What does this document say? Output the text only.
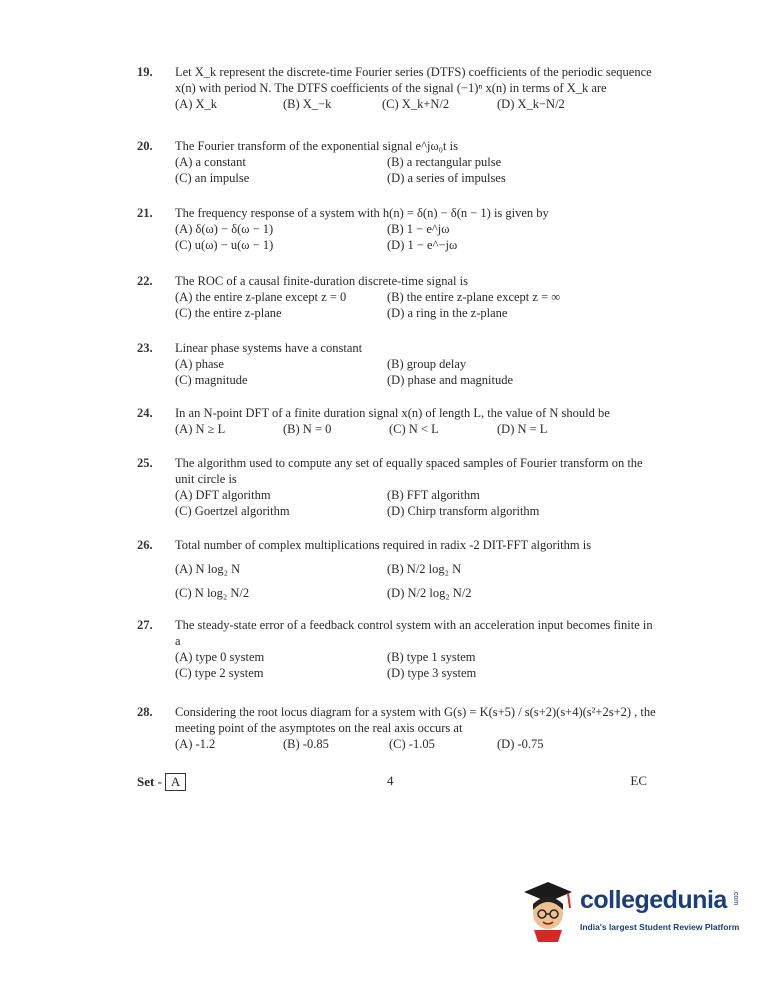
19.	Let X_k represent the discrete-time Fourier series (DTFS) coefficients of the periodic sequence x(n) with period N. The DTFS coefficients of the signal (−1)ⁿ x(n) in terms of X_k are
(A) X_k	(B) X_−k	(C) X_k+N/2	(D) X_k−N/2
20.	The Fourier transform of the exponential signal e^jω₀t is
(A) a constant	(B) a rectangular pulse
(C) an impulse	(D) a series of impulses
21.	The frequency response of a system with h(n) = δ(n) − δ(n − 1) is given by
(A) δ(ω) − δ(ω − 1)	(B) 1 − e^jω
(C) u(ω) − u(ω − 1)	(D) 1 − e^−jω
22.	The ROC of a causal finite-duration discrete-time signal is
(A) the entire z-plane except z = 0	(B) the entire z-plane except z = ∞
(C) the entire z-plane	(D) a ring in the z-plane
23.	Linear phase systems have a constant
(A) phase	(B) group delay
(C) magnitude	(D) phase and magnitude
24.	In an N-point DFT of a finite duration signal x(n) of length L, the value of N should be
(A) N ≥ L	(B) N = 0	(C) N < L	(D) N = L
25.	The algorithm used to compute any set of equally spaced samples of Fourier transform on the unit circle is
(A) DFT algorithm	(B) FFT algorithm
(C) Goertzel algorithm	(D) Chirp transform algorithm
26.	Total number of complex multiplications required in radix -2 DIT-FFT algorithm is
(A) N log₂ N	(B) N/2 log₂ N
(C) N log₂ N/2	(D) N/2 log₂ N/2
27.	The steady-state error of a feedback control system with an acceleration input becomes finite in a
(A) type 0 system	(B) type 1 system
(C) type 2 system	(D) type 3 system
28.	Considering the root locus diagram for a system with G(s) = K(s+5) / s(s+2)(s+4)(s²+2s+2) , the meeting point of the asymptotes on the real axis occurs at
(A) -1.2	(B) -0.85	(C) -1.05	(D) -0.75
Set - A	4	EC
collegedunia .com
India's largest Student Review Platform
